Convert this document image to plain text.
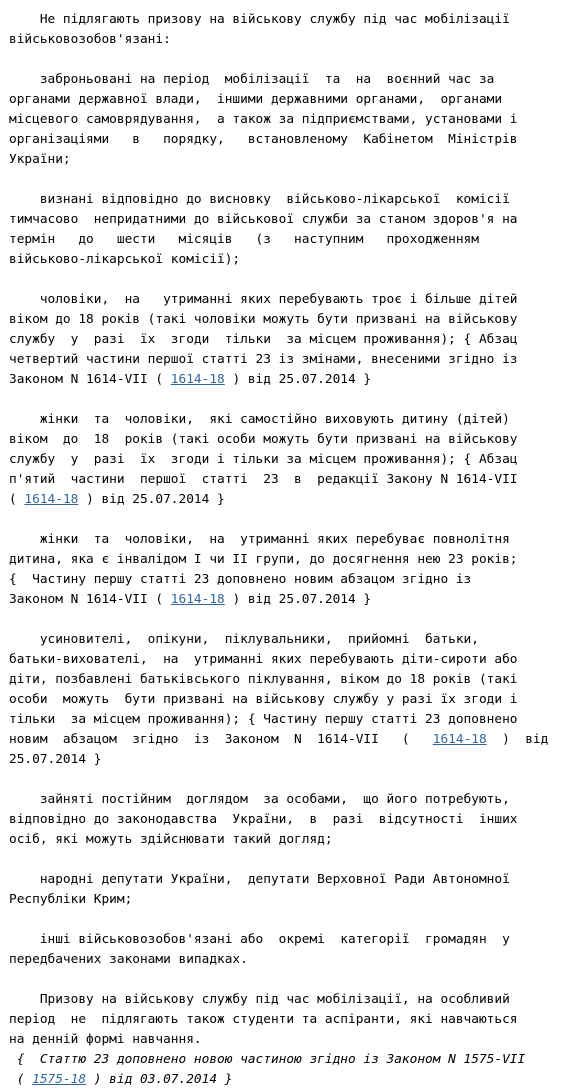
Не підлягають призову на військову службу під час мобілізації
військовозобов'язані:
заброньовані на період  мобілізації  та  на  воєнний час за
органами державної влади,  іншими державними органами,  органами
місцевого самоврядування,  а також за підприємствами, установами і
організаціями   в   порядку,   встановленому  Кабінетом  Міністрів
України;
визнані відповідно до висновку  військово-лікарської  комісії
тимчасово  непридатними до військової служби за станом здоров'я на
термін   до   шести   місяців   (з   наступним   проходженням
військово-лікарської комісії);
чоловіки,  на   утриманні яких перебувають троє і більше дітей
віком до 18 років (такі чоловіки можуть бути призвані на військову
службу  у  разі  їх  згоди  тільки  за місцем проживання); { Абзац
четвертий частини першої статті 23 із змінами, внесеними згідно із
Законом N 1614-VII ( 1614-18 ) від 25.07.2014 }
жінки  та  чоловіки,  які самостійно виховують дитину (дітей)
віком  до  18  років (такі особи можуть бути призвані на військову
службу  у  разі  їх  згоди і тільки за місцем проживання); { Абзац
п'ятий  частини  першої  статті  23  в  редакції Закону N 1614-VII
( 1614-18 ) від 25.07.2014 }
жінки  та  чоловіки,  на  утриманні яких перебуває повнолітня
дитина, яка є інвалідом I чи II групи, до досягнення нею 23 років;
{  Частину першу статті 23 доповнено новим абзацом згідно із
Законом N 1614-VII ( 1614-18 ) від 25.07.2014 }
усиновителі,  опікуни,  піклувальники,  прийомні  батьки,
батьки-вихователі,  на  утриманні яких перебувають діти-сироти або
діти, позбавлені батьківського піклування, віком до 18 років (такі
особи  можуть  бути призвані на військову службу у разі їх згоди і
тільки  за місцем проживання); { Частину першу статті 23 доповнено
новим  абзацом  згідно  із  Законом  N  1614-VII   (   1614-18  )  від
25.07.2014 }
зайняті постійним  доглядом  за особами,  що його потребують,
відповідно до законодавства  України,  в  разі  відсутності  інших
осіб, які можуть здійснювати такий догляд;
народні депутати України,  депутати Верховної Ради Автономної
Республіки Крим;
інші військовозобов'язані або  окремі  категорії  громадян  у
передбачених законами випадках.
Призову на військову службу під час мобілізації, на особливий
період  не  підлягають також студенти та аспіранти, які навчаються
на денній формі навчання.
{  Статтю 23 доповнено новою частиною згідно із Законом N 1575-VII
( 1575-18 ) від 03.07.2014 }
